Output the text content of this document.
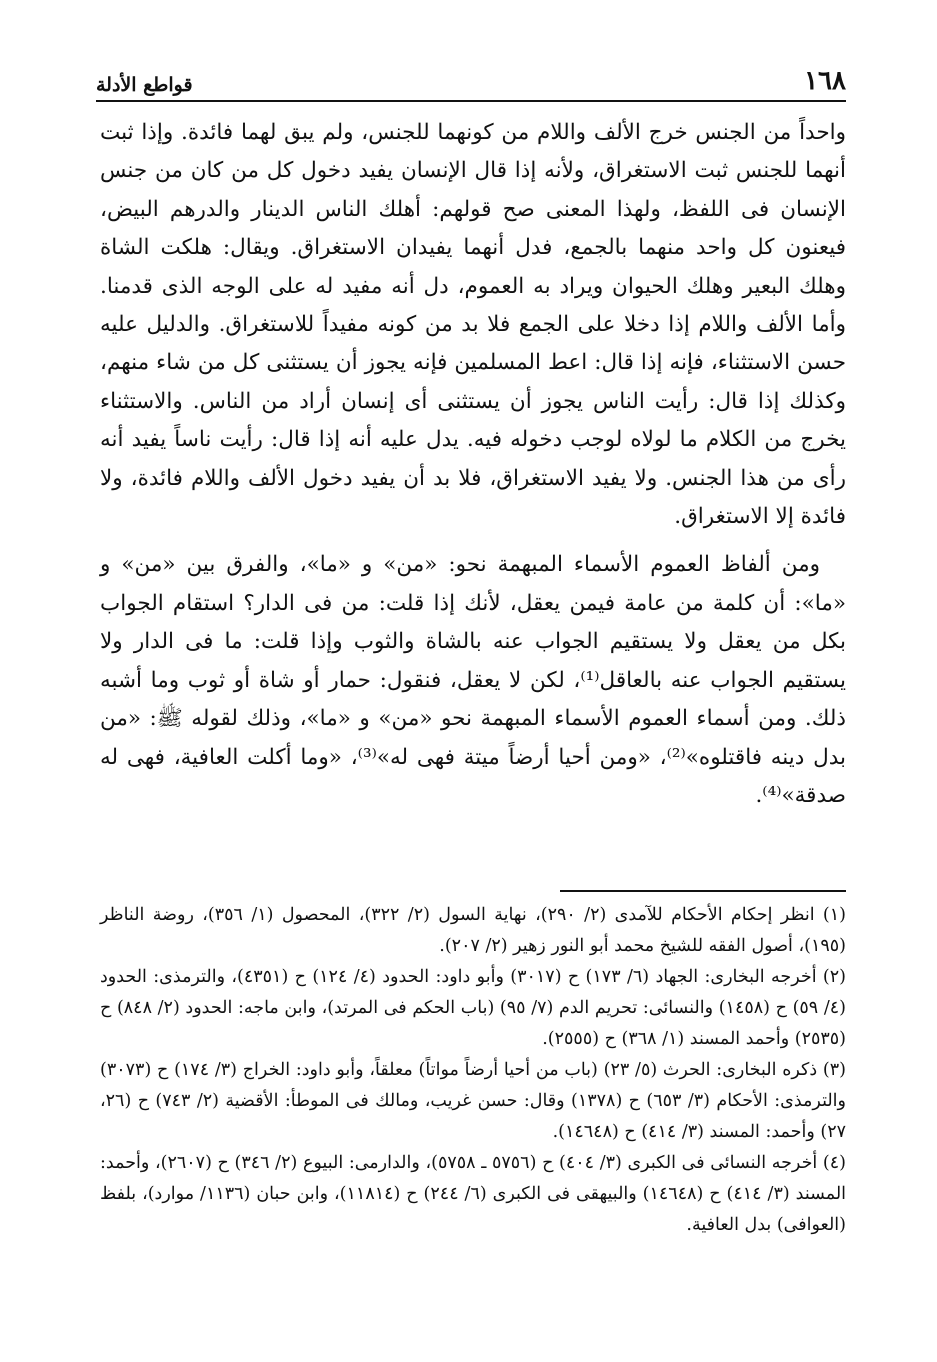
١٦٨
قواطع الأدلة

واحداً من الجنس خرج الألف واللام من كونهما للجنس، ولم يبق لهما فائدة. وإذا ثبت أنهما للجنس ثبت الاستغراق، ولأنه إذا قال الإنسان يفيد دخول كل من كان من جنس الإنسان فى اللفظ، ولهذا المعنى صح قولهم: أهلك الناس الدينار والدرهم البيض، فيعنون كل واحد منهما بالجمع، فدل أنهما يفيدان الاستغراق. ويقال: هلكت الشاة وهلك البعير وهلك الحيوان ويراد به العموم، دل أنه مفيد له على الوجه الذى قدمنا. وأما الألف واللام إذا دخلا على الجمع فلا بد من كونه مفيداً للاستغراق. والدليل عليه حسن الاستثناء، فإنه إذا قال: اعط المسلمين فإنه يجوز أن يستثنى كل من شاء منهم، وكذلك إذا قال: رأيت الناس يجوز أن يستثنى أى إنسان أراد من الناس. والاستثناء يخرج من الكلام ما لولاه لوجب دخوله فيه. يدل عليه أنه إذا قال: رأيت ناساً يفيد أنه رأى من هذا الجنس. ولا يفيد الاستغراق، فلا بد أن يفيد دخول الألف واللام فائدة، ولا فائدة إلا الاستغراق.

ومن ألفاظ العموم الأسماء المبهمة نحو: «من» و «ما»، والفرق بين «من» و «ما»: أن كلمة من عامة فيمن يعقل، لأنك إذا قلت: من فى الدار؟ استقام الجواب بكل من يعقل ولا يستقيم الجواب عنه بالشاة والثوب وإذا قلت: ما فى الدار ولا يستقيم الجواب عنه بالعاقل⁽¹⁾، لكن لا يعقل، فنقول: حمار أو شاة أو ثوب وما أشبه ذلك. ومن أسماء العموم الأسماء المبهمة نحو «من» و «ما»، وذلك لقوله ﷺ: «من بدل دينه فاقتلوه»⁽²⁾، «ومن أحيا أرضاً ميتة فهى له»⁽³⁾، «وما أكلت العافية، فهى له صدقة»⁽⁴⁾.

(١) انظر إحكام الأحكام للآمدى (٢/ ٢٩٠)، نهاية السول (٢/ ٣٢٢)، المحصول (١/ ٣٥٦)، روضة الناظر (١٩٥)، أصول الفقه للشيخ محمد أبو النور زهير (٢/ ٢٠٧).

(٢) أخرجه البخارى: الجهاد (٦/ ١٧٣) ح (٣٠١٧) وأبو داود: الحدود (٤/ ١٢٤) ح (٤٣٥١)، والترمذى: الحدود (٤/ ٥٩) ح (١٤٥٨) والنسائى: تحريم الدم (٧/ ٩٥) (باب الحكم فى المرتد)، وابن ماجه: الحدود (٢/ ٨٤٨) ح (٢٥٣٥) وأحمد المسند (١/ ٣٦٨) ح (٢٥٥٥).

(٣) ذكره البخارى: الحرث (٥/ ٢٣) (باب من أحيا أرضاً مواتاً) معلقاً، وأبو داود: الخراج (٣/ ١٧٤) ح (٣٠٧٣) والترمذى: الأحكام (٣/ ٦٥٣) ح (١٣٧٨) وقال: حسن غريب، ومالك فى الموطأ: الأقضية (٢/ ٧٤٣) ح (٢٦، ٢٧) وأحمد: المسند (٣/ ٤١٤) ح (١٤٦٤٨).

(٤) أخرجه النسائى فى الكبرى (٣/ ٤٠٤) ح (٥٧٥٦ ـ ٥٧٥٨)، والدارمى: البيوع (٢/ ٣٤٦) ح (٢٦٠٧)، وأحمد: المسند (٣/ ٤١٤) ح (١٤٦٤٨) والبيهقى فى الكبرى (٦/ ٢٤٤) ح (١١٨١٤)، وابن حبان (١١٣٦/ موارد)، بلفظ (العوافى) بدل العافية.
